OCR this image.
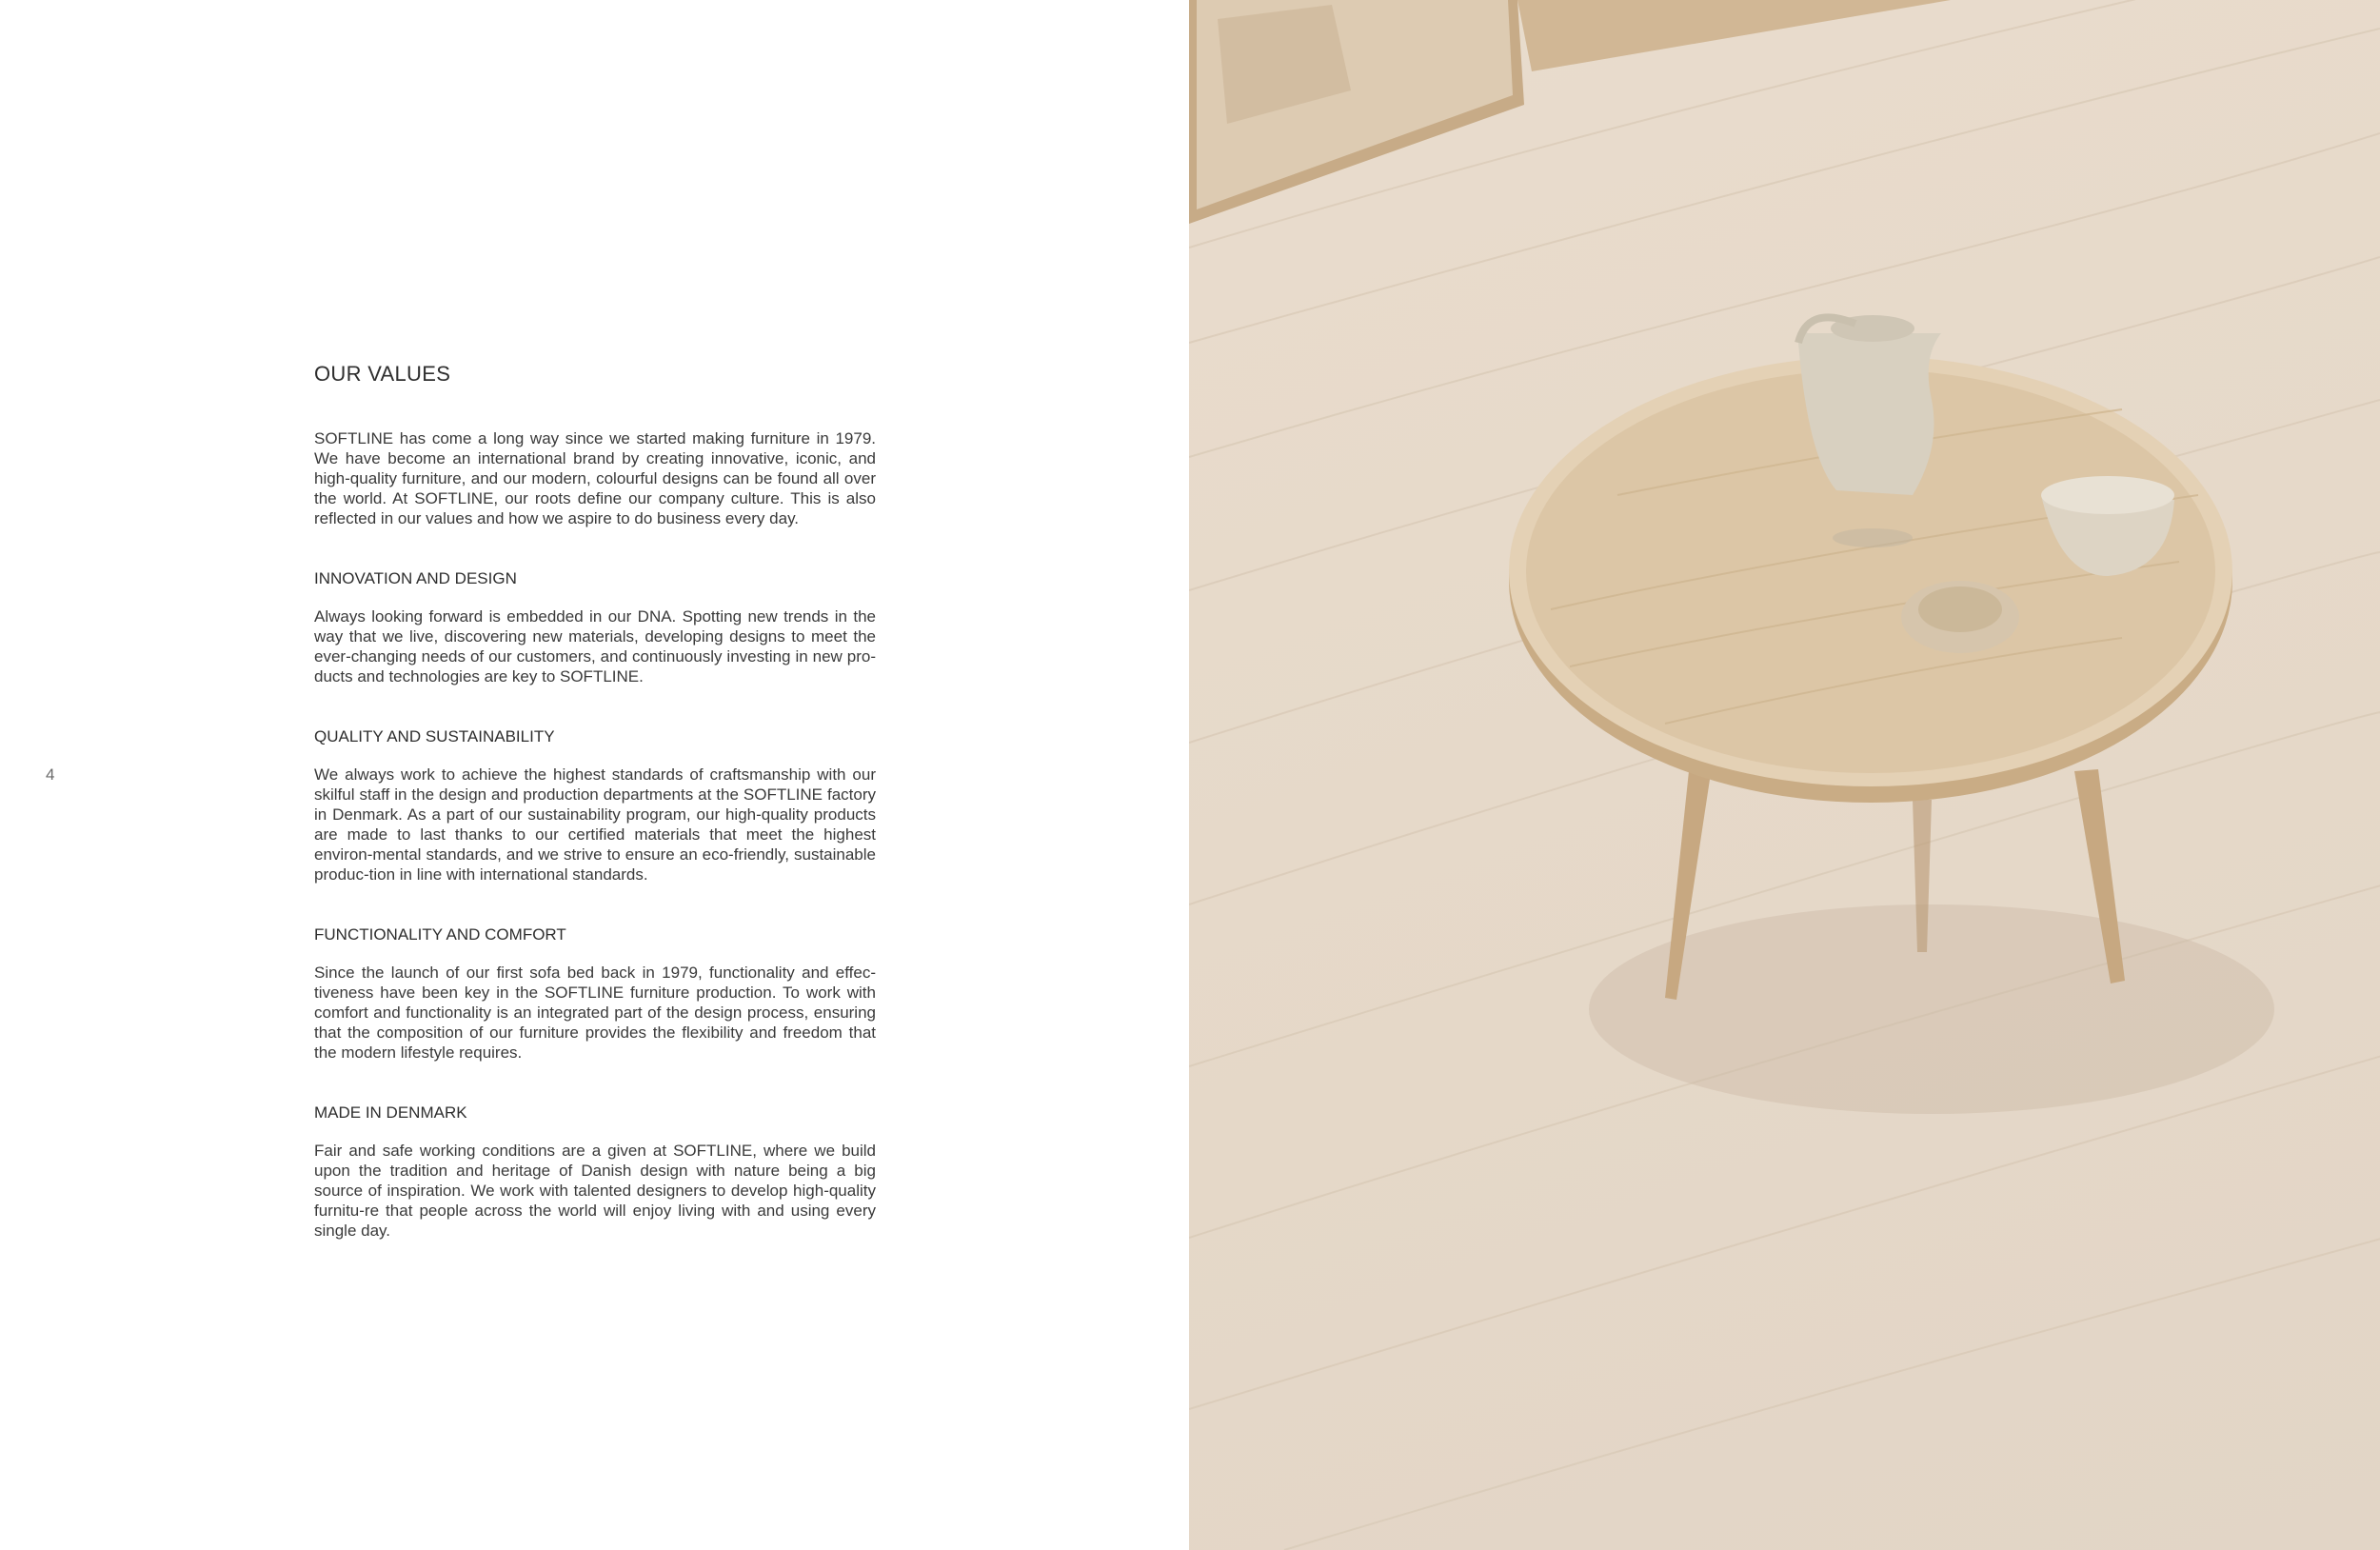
4
OUR VALUES

SOFTLINE has come a long way since we started making furniture in 1979. We have become an international brand by creating innovative, iconic, and high-quality furniture, and our modern, colourful designs can be found all over the world. At SOFTLINE, our roots define our company culture. This is also reflected in our values and how we aspire to do business every day.

INNOVATION AND DESIGN

Always looking forward is embedded in our DNA. Spotting new trends in the way that we live, discovering new materials, developing designs to meet the ever-changing needs of our customers, and continuously investing in new pro-ducts and technologies are key to SOFTLINE.

QUALITY AND SUSTAINABILITY

We always work to achieve the highest standards of craftsmanship with our skilful staff in the design and production departments at the SOFTLINE factory in Denmark. As a part of our sustainability program, our high-quality products are made to last thanks to our certified materials that meet the highest environ-mental standards, and we strive to ensure an eco-friendly, sustainable produc-tion in line with international standards.

FUNCTIONALITY AND COMFORT

Since the launch of our first sofa bed back in 1979, functionality and effec-tiveness have been key in the SOFTLINE furniture production. To work with comfort and functionality is an integrated part of the design process, ensuring that the composition of our furniture provides the flexibility and freedom that the modern lifestyle requires.

MADE IN DENMARK

Fair and safe working conditions are a given at SOFTLINE, where we build upon the tradition and heritage of Danish design with nature being a big source of inspiration. We work with talented designers to develop high-quality furnitu-re that people across the world will enjoy living with and using every single day.
